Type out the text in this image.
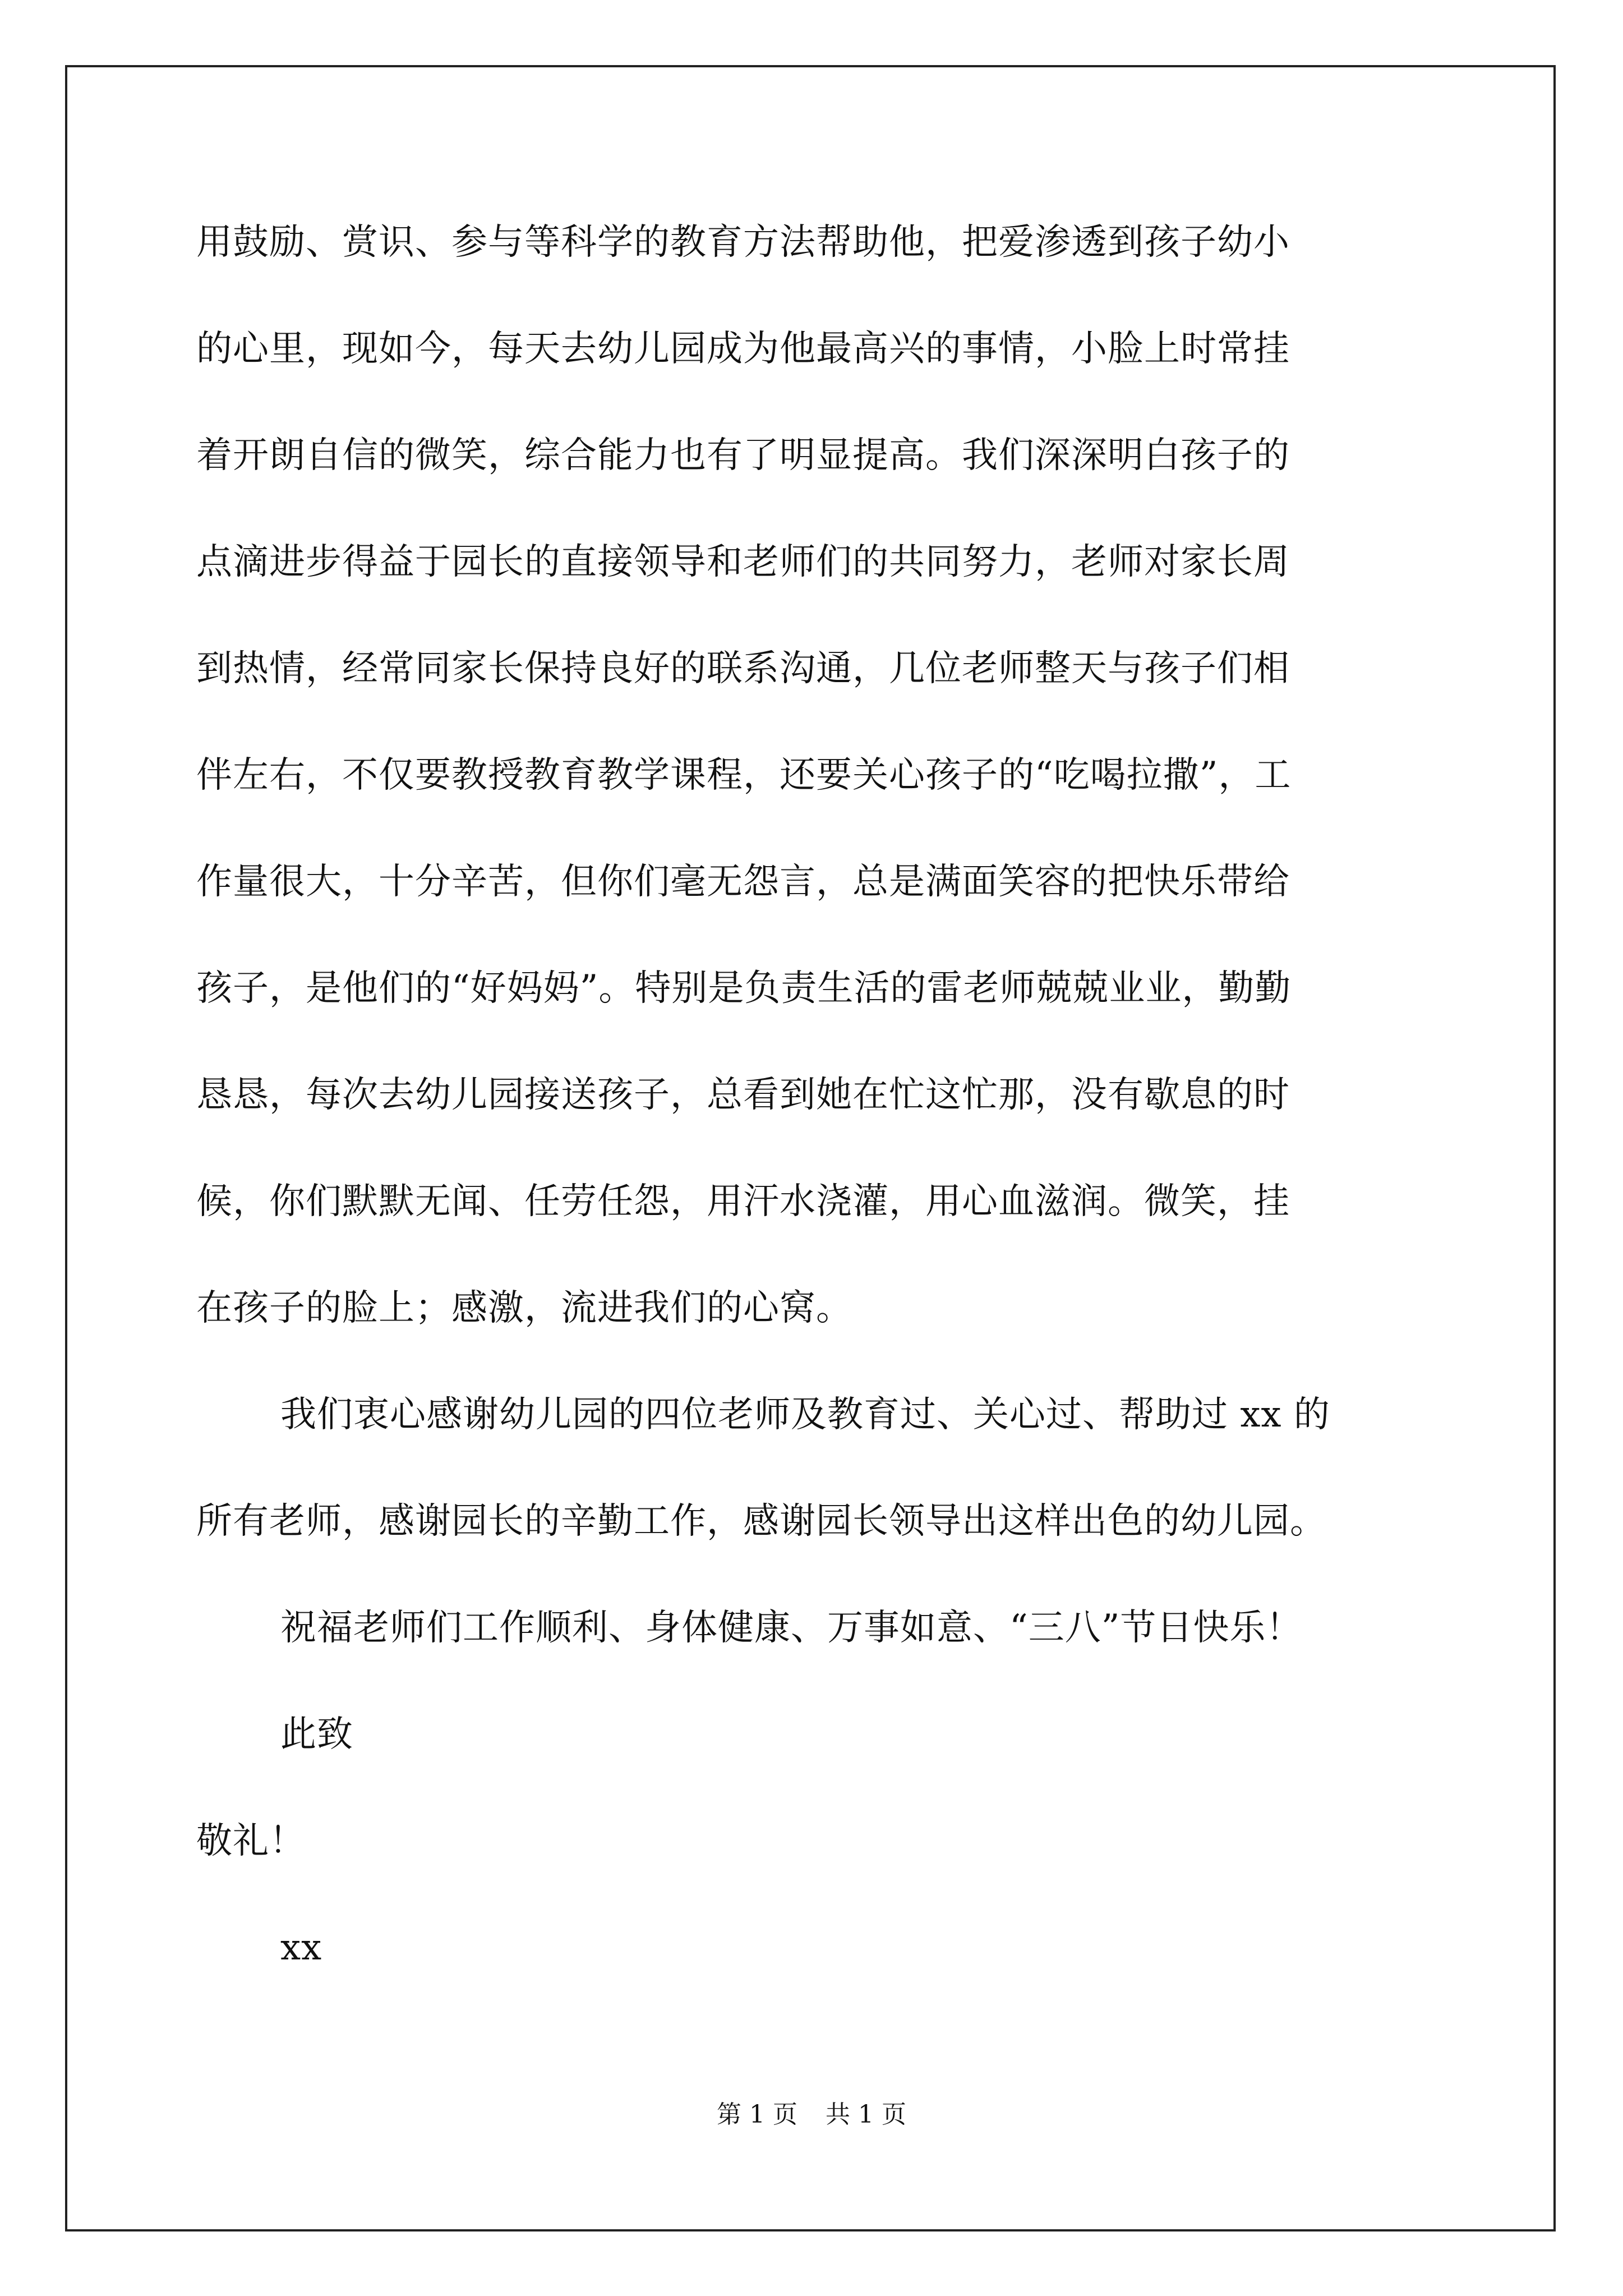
用鼓励、赏识、参与等科学的教育方法帮助他，把爱渗透到孩子幼小
的心里，现如今，每天去幼儿园成为他最高兴的事情，小脸上时常挂
着开朗自信的微笑，综合能力也有了明显提高。我们深深明白孩子的
点滴进步得益于园长的直接领导和老师们的共同努力，老师对家长周
到热情，经常同家长保持良好的联系沟通，几位老师整天与孩子们相
伴左右，不仅要教授教育教学课程，还要关心孩子的“吃喝拉撒”，工
作量很大，十分辛苦，但你们毫无怨言，总是满面笑容的把快乐带给
孩子，是他们的“好妈妈”。特别是负责生活的雷老师兢兢业业，勤勤
恳恳，每次去幼儿园接送孩子，总看到她在忙这忙那，没有歇息的时
候，你们默默无闻、任劳任怨，用汗水浇灌，用心血滋润。微笑，挂
在孩子的脸上；感激，流进我们的心窝。
我们衷心感谢幼儿园的四位老师及教育过、关心过、帮助过 xx 的
所有老师，感谢园长的辛勤工作，感谢园长领导出这样出色的幼儿园。
祝福老师们工作顺利、身体健康、万事如意、“三八”节日快乐！
此致
敬礼！
xx
第 1 页 共 1 页
